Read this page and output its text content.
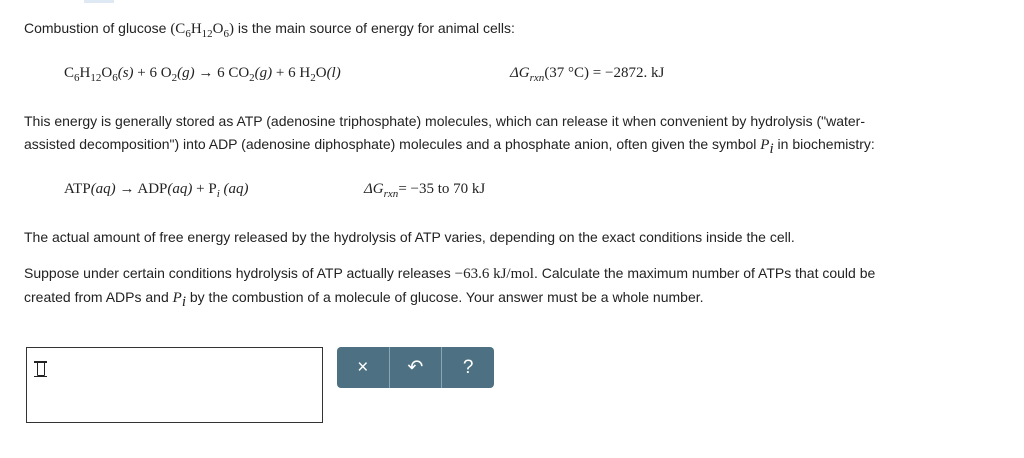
Combustion of glucose $(C_6H_{12}O_6)$ is the main source of energy for animal cells:
$C_6H_{12}O_6(s) + 6$ $O_2(g) \to 6$ $CO_2(g) + 6$ $H_2O(l)$	$\Delta G_{rxn}(37$ °C) = −2872. kJ
This energy is generally stored as ATP (adenosine triphosphate) molecules, which can release it when convenient by hydrolysis ("water-
assisted decomposition") into ADP (adenosine diphosphate) molecules and a phosphate anion, often given the symbol $P_i$ in biochemistry:
$ATP(aq) \to ADP(aq) + P_i$ (aq)	$\Delta G_{rxn}= -35$ to 70 kJ
The actual amount of free energy released by the hydrolysis of ATP varies, depending on the exact conditions inside the cell.
Suppose under certain conditions hydrolysis of ATP actually releases −63.6 kJ/mol. Calculate the maximum number of ATPs that could be
created from ADPs and $P_i$ by the combustion of a molecule of glucose. Your answer must be a whole number.
× ↶ ?
